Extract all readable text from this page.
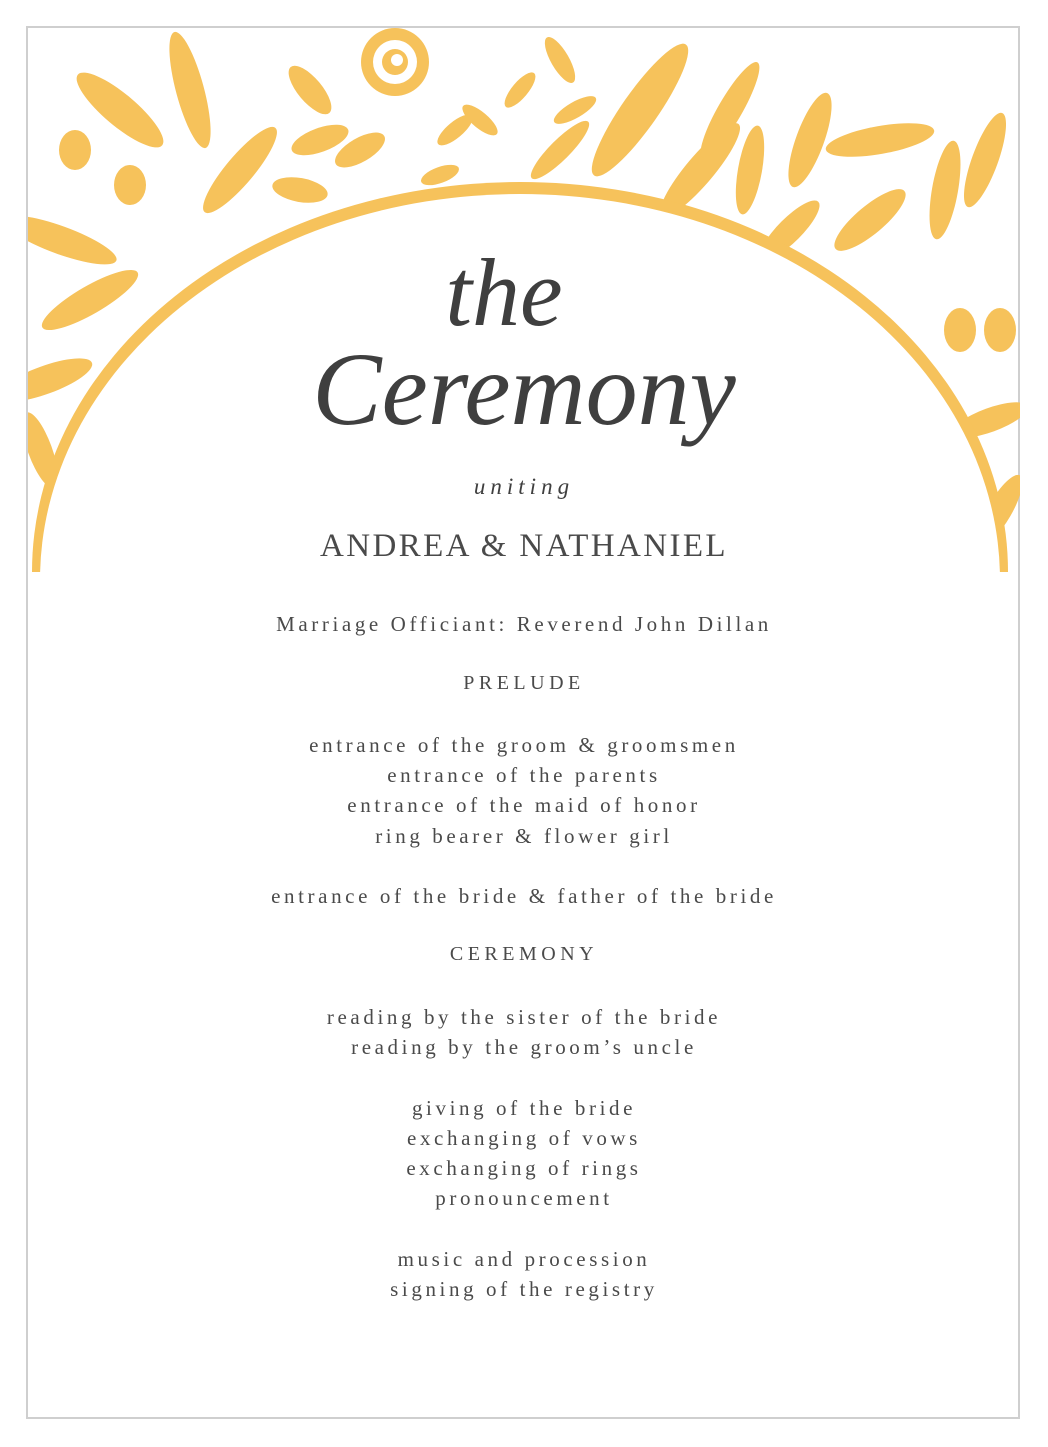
the
Ceremony
uniting
ANDREA & NATHANIEL
Marriage Officiant: Reverend John Dillan
PRELUDE
entrance of the groom & groomsmen
entrance of the parents
entrance of the maid of honor
ring bearer & flower girl
entrance of the bride & father of the bride
CEREMONY
reading by the sister of the bride
reading by the groom’s uncle
giving of the bride
exchanging of vows
exchanging of rings
pronouncement
music and procession
signing of the registry
